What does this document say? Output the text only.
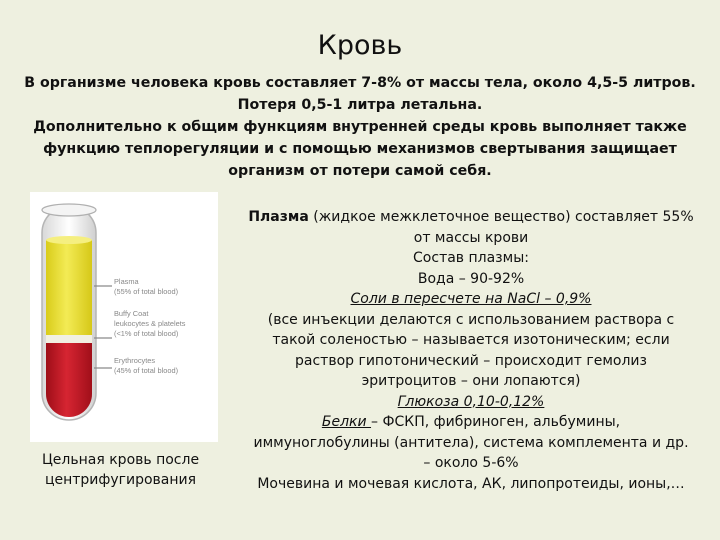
Кровь
В организме человека кровь составляет 7-8% от массы тела, около 4,5-5 литров.
Потеря 0,5-1 литра летальна.
Дополнительно к общим функциям внутренней среды кровь выполняет также
функцию теплорегуляции и с помощью механизмов свертывания защищает
организм от потери самой себя.
Plasma
(55% of total blood)
Buffy Coat
leukocytes & platelets
(<1% of total blood)
Erythrocytes
(45% of total blood)
Цельная кровь после
центрифугирования
Плазма (жидкое межклеточное вещество) составляет 55%
от массы крови
Состав плазмы:
Вода – 90-92%
Соли в пересчете на NaCl – 0,9%
(все инъекции делаются с использованием раствора с
такой соленостью – называется изотоническим; если
раствор гипотонический – происходит гемолиз
эритроцитов – они лопаются)
Глюкоза 0,10-0,12%
Белки – ФСКП, фибриноген, альбумины,
иммуноглобулины (антитела), система комплемента и др.
– около 5-6%
Мочевина и мочевая кислота, АК, липопротеиды, ионы,…
